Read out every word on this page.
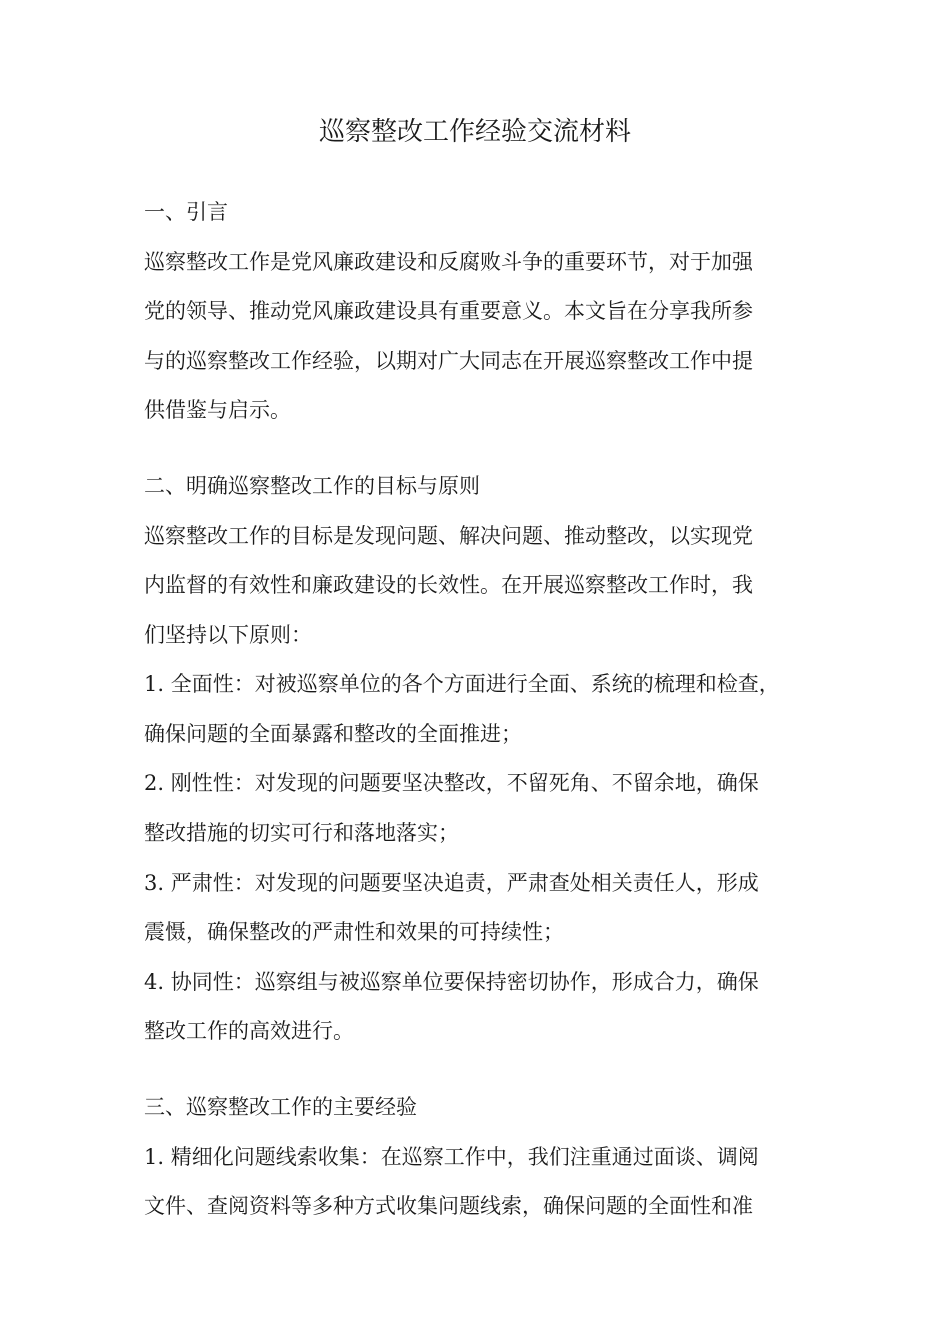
巡察整改工作经验交流材料

一、引言

巡察整改工作是党风廉政建设和反腐败斗争的重要环节，对于加强

党的领导、推动党风廉政建设具有重要意义。本文旨在分享我所参

与的巡察整改工作经验，以期对广大同志在开展巡察整改工作中提

供借鉴与启示。

二、明确巡察整改工作的目标与原则

巡察整改工作的目标是发现问题、解决问题、推动整改，以实现党

内监督的有效性和廉政建设的长效性。在开展巡察整改工作时，我

们坚持以下原则：

1. 全面性：对被巡察单位的各个方面进行全面、系统的梳理和检查，

确保问题的全面暴露和整改的全面推进；

2. 刚性性：对发现的问题要坚决整改，不留死角、不留余地，确保

整改措施的切实可行和落地落实；

3. 严肃性：对发现的问题要坚决追责，严肃查处相关责任人，形成

震慑，确保整改的严肃性和效果的可持续性；

4. 协同性：巡察组与被巡察单位要保持密切协作，形成合力，确保

整改工作的高效进行。

三、巡察整改工作的主要经验

1. 精细化问题线索收集：在巡察工作中，我们注重通过面谈、调阅

文件、查阅资料等多种方式收集问题线索，确保问题的全面性和准
